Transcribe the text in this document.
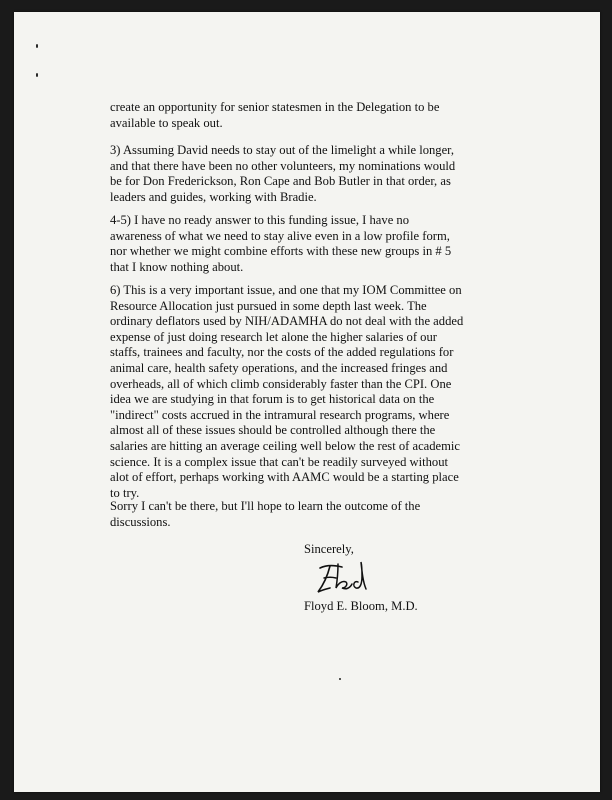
create an opportunity for senior statesmen in the Delegation to be
available to speak out.
3) Assuming David needs to stay out of the limelight a while longer,
and that there have been no other volunteers, my nominations would
be for Don Frederickson, Ron Cape and Bob Butler in that order, as
leaders and guides, working with Bradie.
4-5) I have no ready answer to this funding issue, I have no
awareness of what we need to stay alive even in a low profile form,
nor whether we might combine efforts with these new groups in # 5
that I know nothing about.
6) This is a very important issue, and one that my IOM Committee on
Resource Allocation just pursued in some depth last week. The
ordinary deflators used by NIH/ADAMHA do not deal with the added
expense of just doing research let alone the higher salaries of our
staffs, trainees and faculty, nor the costs of the added regulations for
animal care, health safety operations, and the increased fringes and
overheads, all of which climb considerably faster than the CPI. One
idea we are studying in that forum is to get historical data on the
"indirect" costs accrued in the intramural research programs, where
almost all of these issues should be controlled although there the
salaries are hitting an average ceiling well below the rest of academic
science. It is a complex issue that can't be readily surveyed without
alot of effort, perhaps working with AAMC would be a starting place
to try.
Sorry I can't be there, but I'll hope to learn the outcome of the
discussions.
Sincerely,
Floyd E. Bloom, M.D.
